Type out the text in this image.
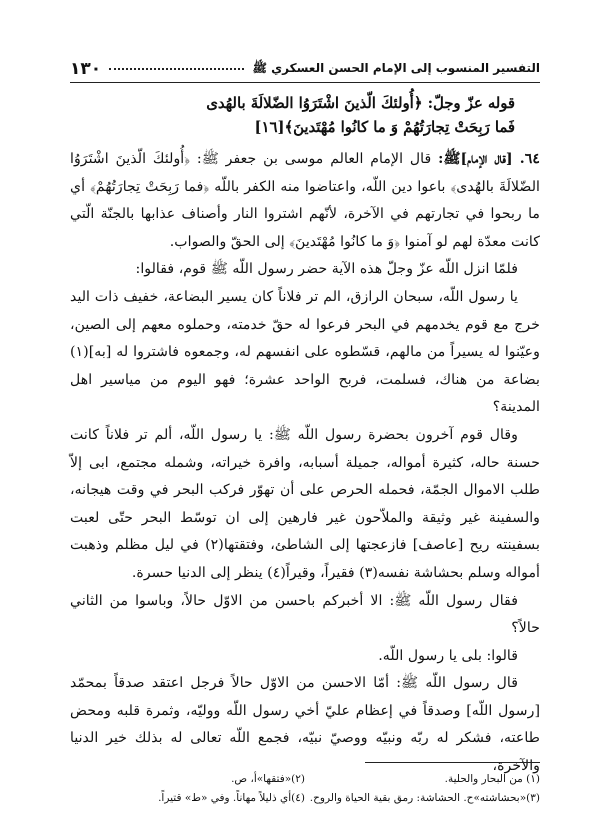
١٣٠	التفسير المنسوب إلى الإمام الحسن العسكري ﷺ

قوله عزّ وجلّ: ﴿أُولئكَ الّذينَ اشْتَرَوُا الضّلالَةَ بالهُدى
فَما رَبِحَتْ تِجارَتُهُمْ وَ ما كانُوا مُهْتَدينَ﴾[١٦]

٦٤. [قال الإمام]ﷺ: قال الإمام العالم موسى بن جعفر ﷺ: ﴿أُولئكَ الّذينَ اشْتَرَوُا الضّلالَةَ بالهُدى﴾ باعوا دين اللّه، واعتاضوا منه الكفر باللّه ﴿فما رَبِحَتْ تِجارَتُهُمْ﴾ أي ما ربحوا في تجارتهم في الآخرة، لأنّهم اشتروا النار وأصناف عذابها بالجنّة الّتي كانت معدّة لهم لو آمنوا ﴿وَ ما كانُوا مُهْتَدينَ﴾ إلى الحقّ والصواب.

فلمّا انزل اللّه عزّ وجلّ هذه الآية حضر رسول اللّه ﷺ قوم، فقالوا:

يا رسول اللّه، سبحان الرازق، الم تر فلاناً كان يسير البضاعة، خفيف ذات اليد خرج مع قوم يخدمهم في البحر فرعوا له حقّ خدمته، وحملوه معهم إلى الصين، وعيّنوا له يسيراً من مالهم، قسّطوه على انفسهم له، وجمعوه فاشتروا له [به](١) بضاعة من هناك، فسلمت، فربح الواحد عشرة؛ فهو اليوم من مياسير اهل المدينة؟

وقال قوم آخرون بحضرة رسول اللّه ﷺ: يا رسول اللّه، ألم تر فلاناً كانت حسنة حاله، كثيرة أمواله، جميلة أسبابه، وافرة خيراته، وشمله مجتمع، ابى إلاّ طلب الاموال الجمّة، فحمله الحرص على أن تهوّر فركب البحر في وقت هيجانه، والسفينة غير وثيقة والملاّحون غير فارهين إلى ان توسّط البحر حتّى لعبت بسفينته ريح [عاصف] فازعجتها إلى الشاطئ، وفتقتها(٢) في ليل مظلم وذهبت أمواله وسلم بحشاشة نفسه(٣) فقيراً، وقيراً(٤) ينظر إلى الدنيا حسرة.

فقال رسول اللّه ﷺ: الا أخبركم باحسن من الاوّل حالاً، وباسوا من الثاني حالاً؟

قالوا: بلى يا رسول اللّه.

قال رسول اللّه ﷺ: أمّا الاحسن من الاوّل حالاً فرجل اعتقد صدقاً بمحمّد [رسول اللّه] وصدقاً في إعظام عليّ أخي رسول اللّه ووليّه، وثمرة قلبه ومحض طاعته، فشكر له ربّه ونبيّه ووصيّ نبيّه، فجمع اللّه تعالى له بذلك خير الدنيا والآخرة،

(١) من البحار والحلية.
(٢)«فتقها»أ، ص.
(٣)«بحشاشته»ح. الحشاشة: رمق بقية الحياة والروح.
(٤)أي ذليلاً مهاناً. وفي «ط» قتيراً.
